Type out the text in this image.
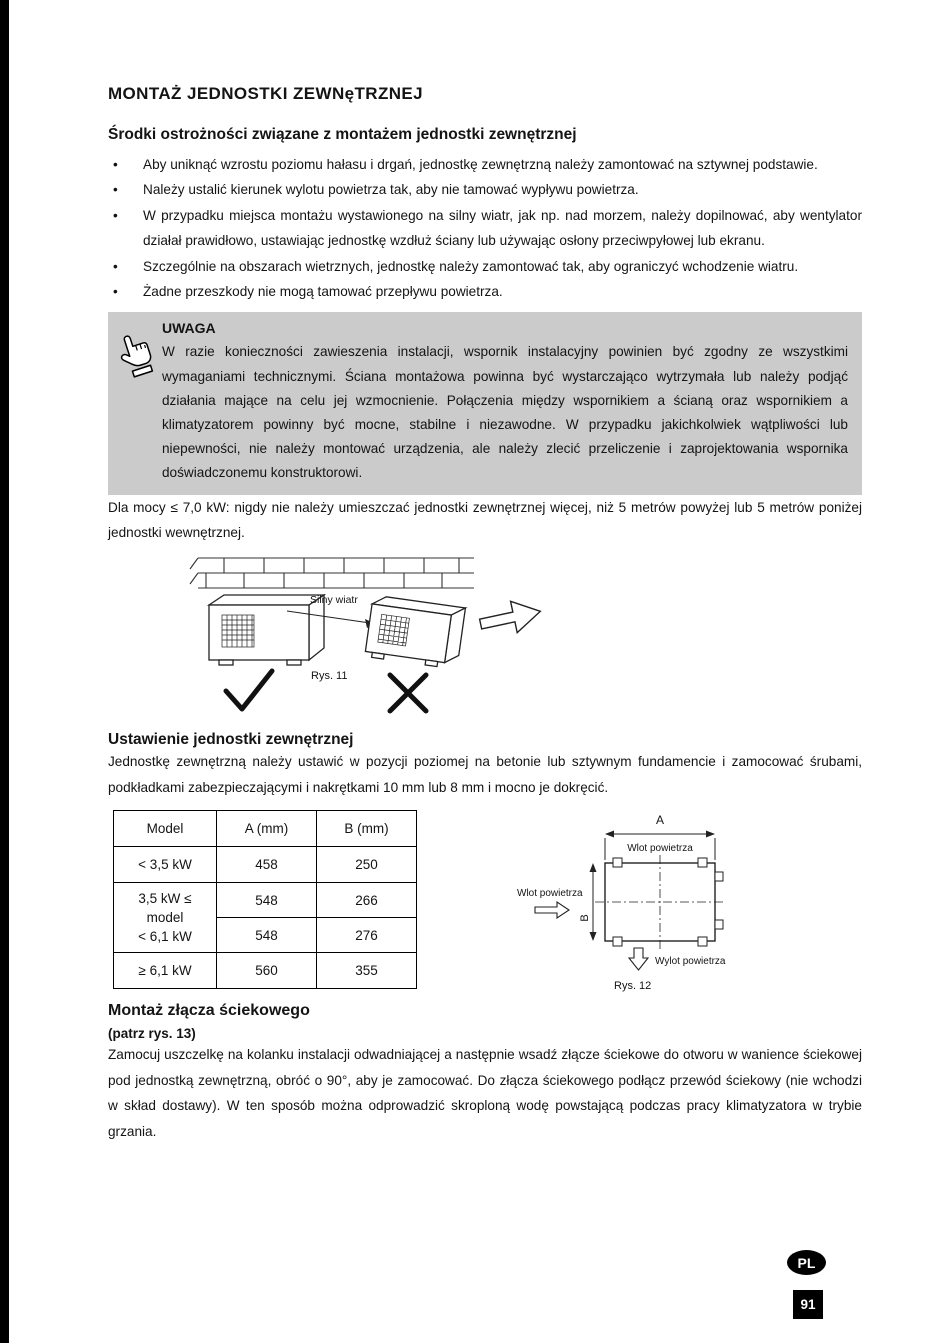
MONTAŻ JEDNOSTKI ZEWNęTRZNEJ
Środki ostrożności związane z montażem jednostki zewnętrznej
• Aby uniknąć wzrostu poziomu hałasu i drgań, jednostkę zewnętrzną należy zamontować na sztywnej podstawie.
• Należy ustalić kierunek wylotu powietrza tak, aby nie tamować wypływu powietrza.
• W przypadku miejsca montażu wystawionego na silny wiatr, jak np. nad morzem, należy dopilnować, aby wentylator działał prawidłowo, ustawiając jednostkę wzdłuż ściany lub używając osłony przeciwpyłowej lub ekranu.
• Szczególnie na obszarach wietrznych, jednostkę należy zamontować tak, aby ograniczyć wchodzenie wiatru.
• Żadne przeszkody nie mogą tamować przepływu powietrza.
UWAGA
W razie konieczności zawieszenia instalacji, wspornik instalacyjny powinien być zgodny ze wszystkimi wymaganiami technicznymi. Ściana montażowa powinna być wystarczająco wytrzymała lub należy podjąć działania mające na celu jej wzmocnienie. Połączenia między wspornikiem a ścianą oraz wspornikiem a klimatyzatorem powinny być mocne, stabilne i niezawodne. W przypadku jakichkolwiek wątpliwości lub niepewności, nie należy montować urządzenia, ale należy zlecić przeliczenie i zaprojektowania wspornika doświadczonemu konstruktorowi.

Dla mocy ≤ 7,0 kW: nigdy nie należy umieszczać jednostki zewnętrznej więcej, niż 5 metrów powyżej lub 5 metrów poniżej jednostki wewnętrznej.

Silny wiatr
Rys. 11
Ustawienie jednostki zewnętrznej

Jednostkę zewnętrzną należy ustawić w pozycji poziomej na betonie lub sztywnym fundamencie i zamocować śrubami, podkładkami zabezpieczającymi i nakrętkami 10 mm lub 8 mm i mocno je dokręcić.

Model	A (mm)	B (mm)
< 3,5 kW	458	250

3,5 kW ≤
model
< 6,1 kW	548	266
	548	276
≥ 6,1 kW	560	355
A
Wlot powietrza
B
Wlot powietrza
Wylot powietrza
Rys. 12
Montaż złącza ściekowego
(patrz rys. 13)

Zamocuj uszczelkę na kolanku instalacji odwadniającej a następnie wsadź złącze ściekowe do otworu w wanience ściekowej pod jednostką zewnętrzną, obróć o 90°, aby je zamocować. Do złącza ściekowego podłącz przewód ściekowy (nie wchodzi w skład dostawy). W ten sposób można odprowadzić skroploną wodę powstającą podczas pracy klimatyzatora w trybie grzania.

PL
91
